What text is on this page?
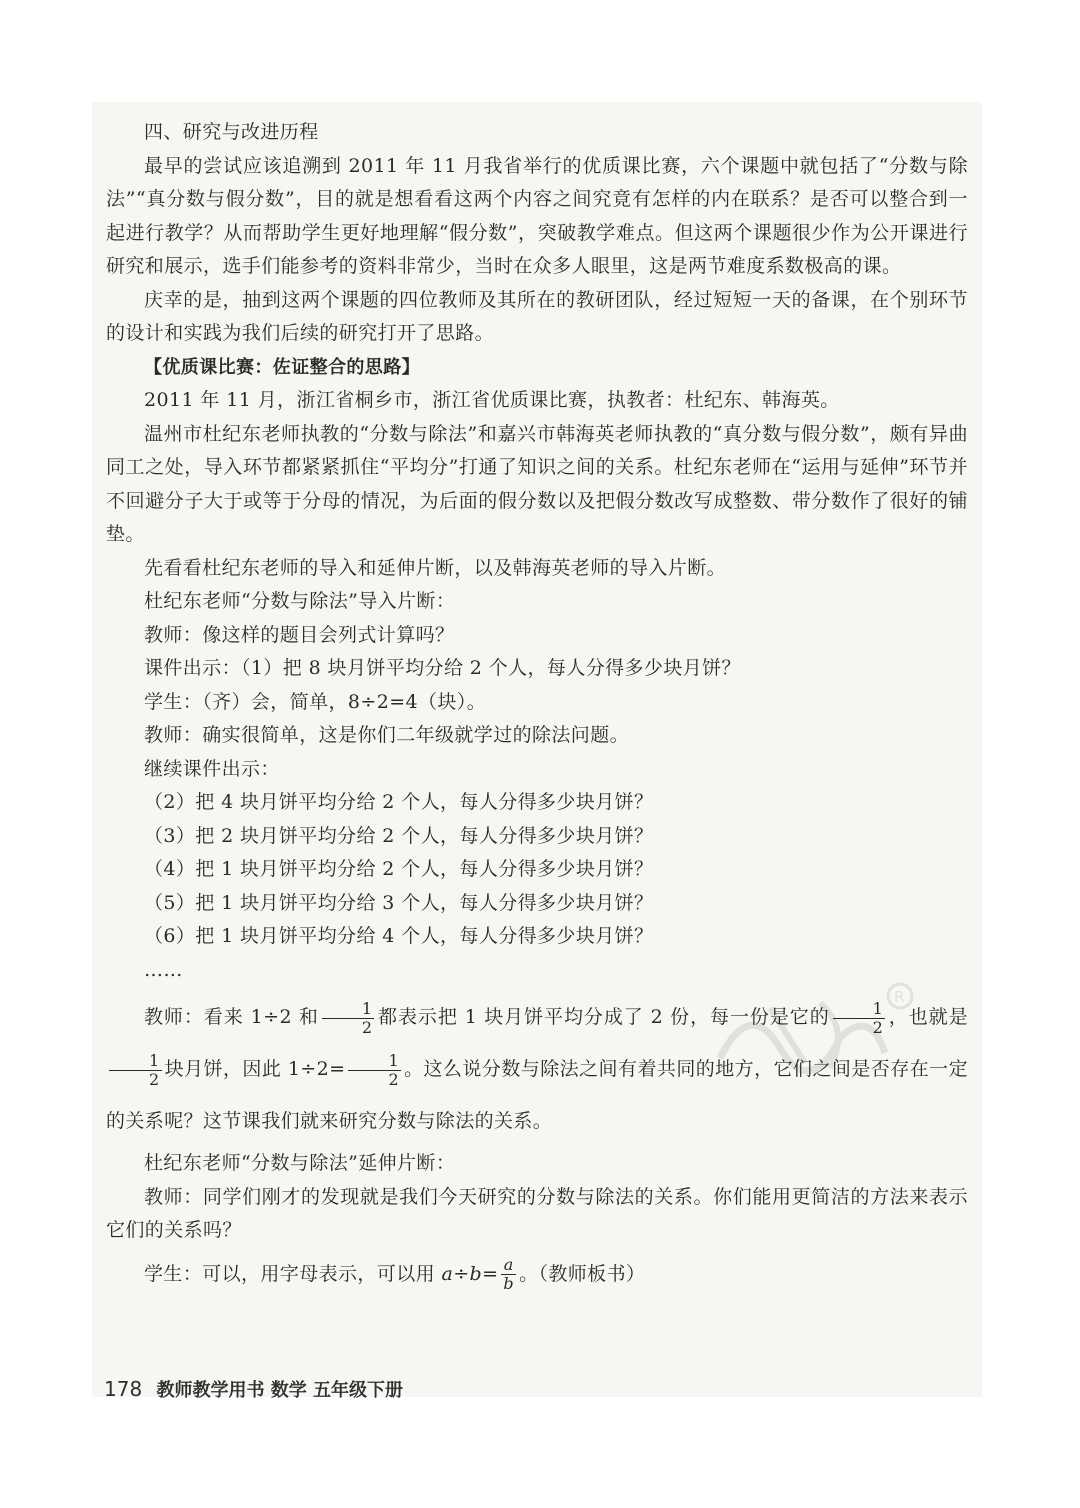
R

四、研究与改进历程

最早的尝试应该追溯到 2011 年 11 月我省举行的优质课比赛，六个课题中就包括了“分数与除法”“真分数与假分数”，目的就是想看看这两个内容之间究竟有怎样的内在联系？是否可以整合到一起进行教学？从而帮助学生更好地理解“假分数”，突破教学难点。但这两个课题很少作为公开课进行研究和展示，选手们能参考的资料非常少，当时在众多人眼里，这是两节难度系数极高的课。

庆幸的是，抽到这两个课题的四位教师及其所在的教研团队，经过短短一天的备课，在个别环节的设计和实践为我们后续的研究打开了思路。

【优质课比赛：佐证整合的思路】

2011 年 11 月，浙江省桐乡市，浙江省优质课比赛，执教者：杜纪东、韩海英。

温州市杜纪东老师执教的“分数与除法”和嘉兴市韩海英老师执教的“真分数与假分数”，颇有异曲同工之处，导入环节都紧紧抓住“平均分”打通了知识之间的关系。杜纪东老师在“运用与延伸”环节并不回避分子大于或等于分母的情况，为后面的假分数以及把假分数改写成整数、带分数作了很好的铺垫。

先看看杜纪东老师的导入和延伸片断，以及韩海英老师的导入片断。

杜纪东老师“分数与除法”导入片断：

教师：像这样的题目会列式计算吗？

课件出示：（1）把 8 块月饼平均分给 2 个人，每人分得多少块月饼？

学生：（齐）会，简单，8÷2=4（块）。

教师：确实很简单，这是你们二年级就学过的除法问题。

继续课件出示：

（2）把 4 块月饼平均分给 2 个人，每人分得多少块月饼？

（3）把 2 块月饼平均分给 2 个人，每人分得多少块月饼？

（4）把 1 块月饼平均分给 2 个人，每人分得多少块月饼？

（5）把 1 块月饼平均分给 3 个人，每人分得多少块月饼？

（6）把 1 块月饼平均分给 4 个人，每人分得多少块月饼？

……

教师：看来 1÷2 和 $\frac{1}{2}$ 都表示把 1 块月饼平均分成了 2 份，每一份是它的 $\frac{1}{2}$ ，也就是
$\frac{1}{2}$ 块月饼，因此 $1\div 2= \frac{1}{2}$ 。这么说分数与除法之间有着共同的地方，它们之间是否存在一定的关系呢？这节课我们就来研究分数与除法的关系。

杜纪东老师“分数与除法”延伸片断：

教师：同学们刚才的发现就是我们今天研究的分数与除法的关系。你们能用更简洁的方法来表示它们的关系吗？

学生：可以，用字母表示，可以用 $a\div b= \frac{a}{b}$ 。（教师板书）

178 教师教学用书 数学 五年级下册
